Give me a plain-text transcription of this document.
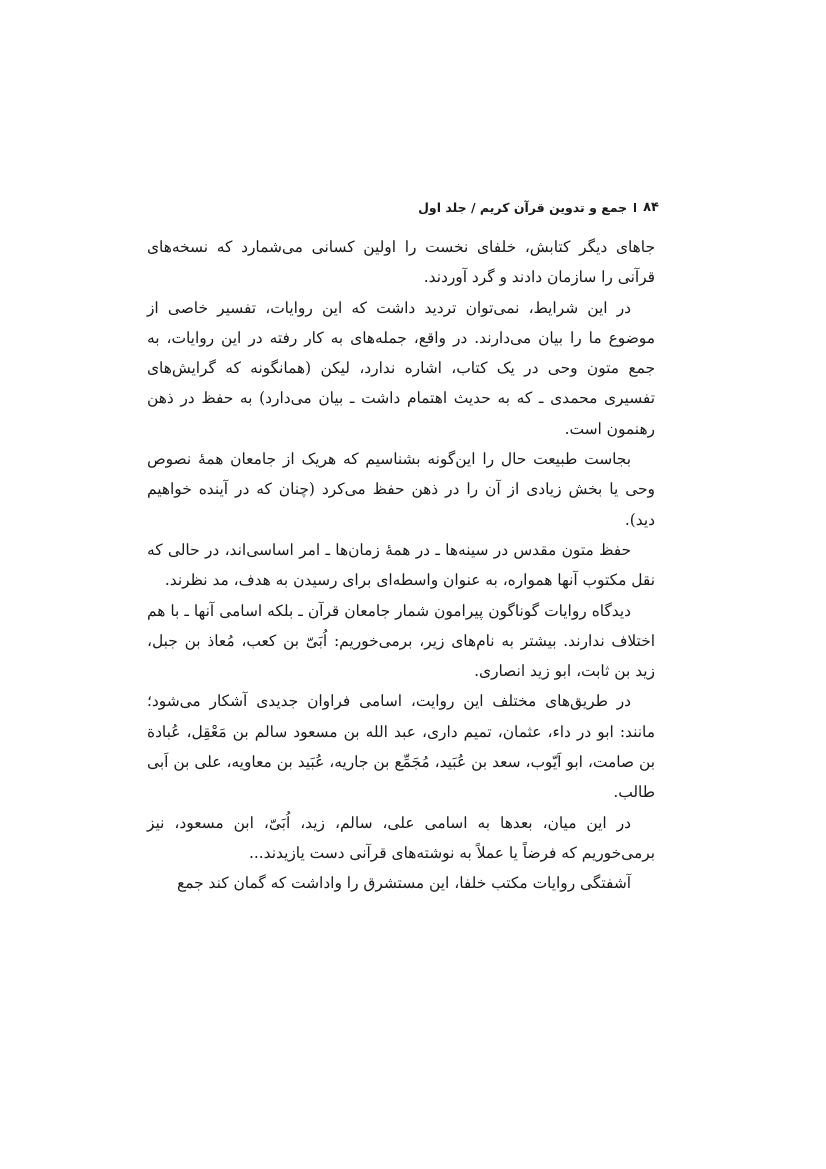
۸۴
جمع و تدوین قرآن کریم / جلد اول

جاهای دیگر کتابش، خلفای نخست را اولین کسانی می‌شمارد که نسخه‌های قرآنی را سازمان دادند و گرد آوردند.

در این شرایط، نمی‌توان تردید داشت که این روایات، تفسیر خاصی از موضوع ما را بیان می‌دارند. در واقع، جمله‌های به کار رفته در این روایات، به جمع متون وحی در یک کتاب، اشاره ندارد، لیکن (همانگونه که گرایش‌های تفسیری محمدی ـ که به حدیث اهتمام داشت ـ بیان می‌دارد) به حفظ در ذهن رهنمون است.

بجاست طبیعت حال را این‌گونه بشناسیم که هریک از جامعان همهٔ نصوص وحی یا بخش زیادی از آن را در ذهن حفظ می‌کرد (چنان که در آینده خواهیم دید).

حفظ متون مقدس در سینه‌ها ـ در همهٔ زمان‌ها ـ امر اساسی‌اند، در حالی که نقل مکتوب آنها همواره، به عنوان واسطه‌ای برای رسیدن به هدف، مد نظرند.

دیدگاه روایات گوناگون پیرامون شمار جامعان قرآن ـ بلکه اسامی آنها ـ با هم اختلاف ندارند. بیشتر به نام‌های زیر، برمی‌خوریم: اُبَیّ بن کعب، مُعاذ بن جبل، زید بن ثابت، ابو زید انصاری.

در طریق‌های مختلف این روایت، اسامی فراوان جدیدی آشکار می‌شود؛ مانند: ابو در داء، عثمان، تمیم داری، عبد الله بن مسعود سالم بن مَعْقِل، عُبادة بن صامت، ابو اَیّوب، سعد بن عُبَید، مُجَمِّع بن جاریه، عُبَید بن معاویه، علی بن اَبی طالب.

در این میان، بعدها به اسامی علی، سالم، زید، اُبَیّ، ابن مسعود، نیز برمی‌خوریم که فرضاً یا عملاً به نوشته‌های قرآنی دست یازیدند...

آشفتگی روایات مکتب خلفا، این مستشرق را واداشت که گمان کند جمع
